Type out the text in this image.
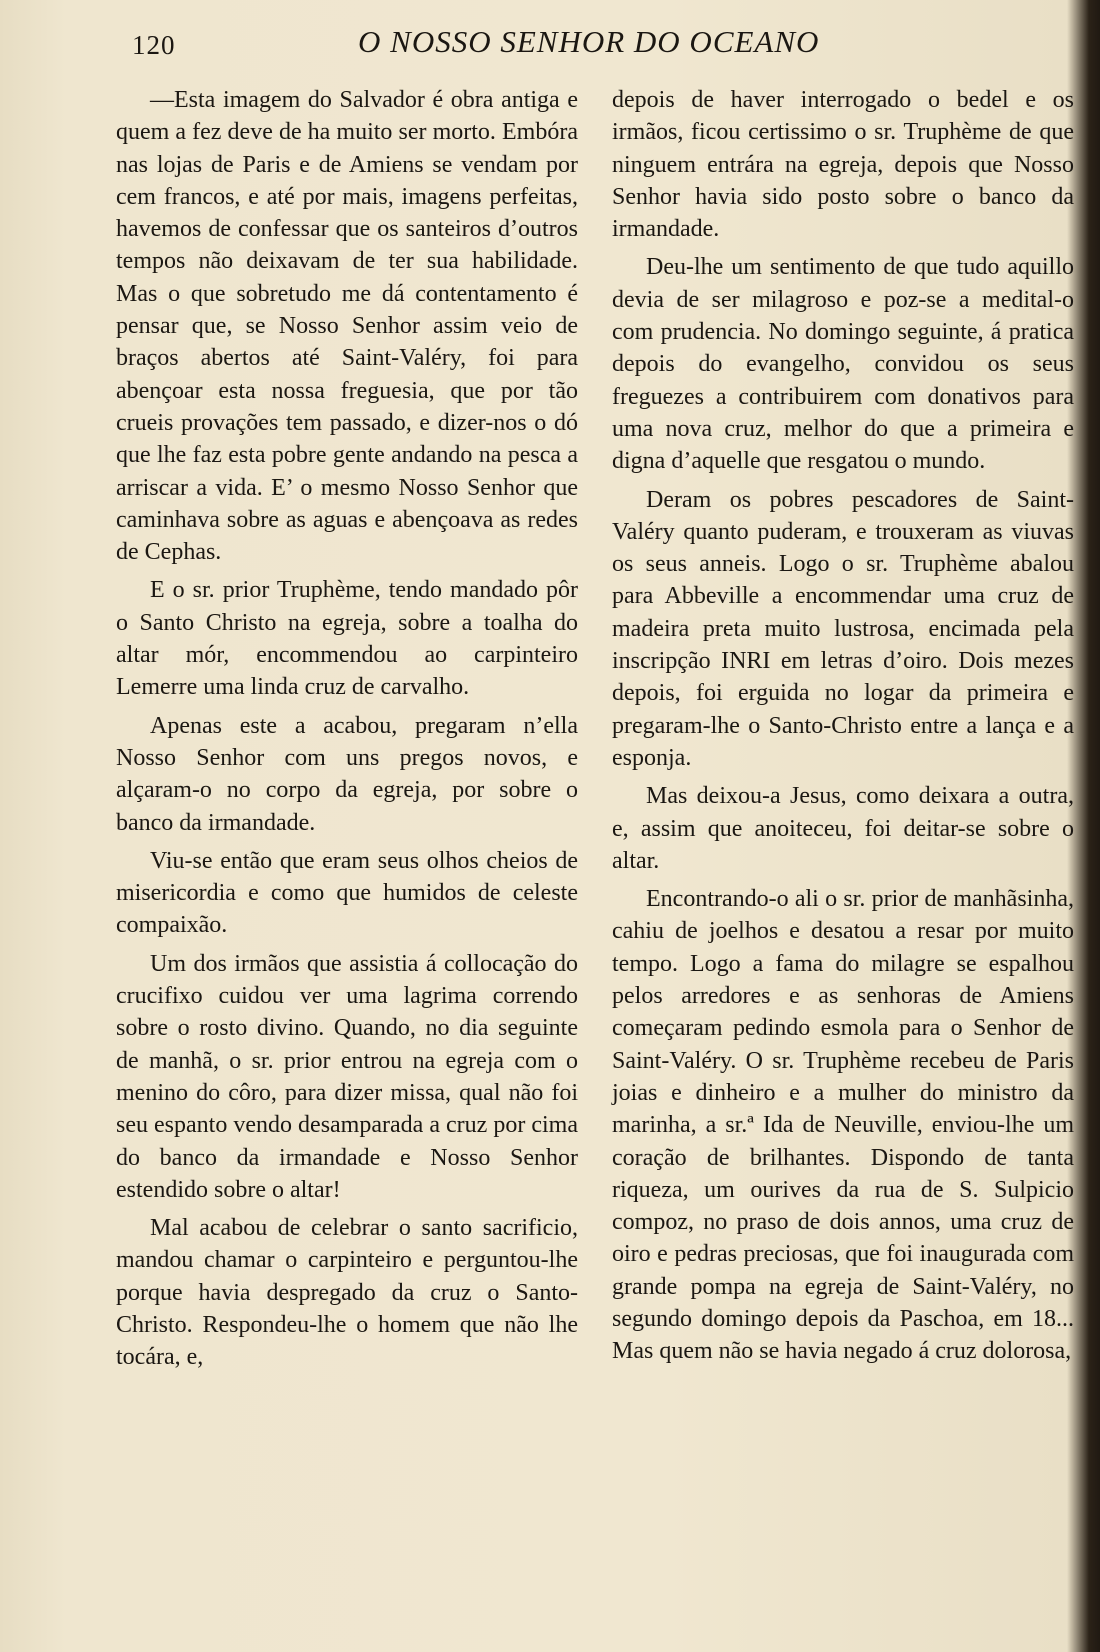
120	O NOSSO SENHOR DO OCEANO

—Esta imagem do Salvador é obra antiga e quem a fez deve de ha muito ser morto. Embóra nas lojas de Paris e de Amiens se vendam por cem francos, e até por mais, imagens perfeitas, havemos de confessar que os santeiros d’outros tempos não deixavam de ter sua habilidade. Mas o que sobretudo me dá contentamento é pensar que, se Nosso Senhor assim veio de braços abertos até Saint-Valéry, foi para abençoar esta nossa freguesia, que por tão crueis provações tem passado, e dizer-nos o dó que lhe faz esta pobre gente andando na pesca a arriscar a vida. E’ o mesmo Nosso Senhor que caminhava sobre as aguas e abençoava as redes de Cephas.

E o sr. prior Truphème, tendo mandado pôr o Santo Christo na egreja, sobre a toalha do altar mór, encommendou ao carpinteiro Lemerre uma linda cruz de carvalho.

Apenas este a acabou, pregaram n’ella Nosso Senhor com uns pregos novos, e alçaram-o no corpo da egreja, por sobre o banco da irmandade.

Viu-se então que eram seus olhos cheios de misericordia e como que humidos de celeste compaixão.

Um dos irmãos que assistia á collocação do crucifixo cuidou ver uma lagrima correndo sobre o rosto divino. Quando, no dia seguinte de manhã, o sr. prior entrou na egreja com o menino do côro, para dizer missa, qual não foi seu espanto vendo desamparada a cruz por cima do banco da irmandade e Nosso Senhor estendido sobre o altar!

Mal acabou de celebrar o santo sacrificio, mandou chamar o carpinteiro e perguntou-lhe porque havia despregado da cruz o Santo-Christo. Respondeu-lhe o homem que não lhe tocára, e,

depois de haver interrogado o bedel e os irmãos, ficou certissimo o sr. Truphème de que ninguem entrára na egreja, depois que Nosso Senhor havia sido posto sobre o banco da irmandade.

Deu-lhe um sentimento de que tudo aquillo devia de ser milagroso e poz-se a medital-o com prudencia. No domingo seguinte, á pratica depois do evangelho, convidou os seus freguezes a contribuirem com donativos para uma nova cruz, melhor do que a primeira e digna d’aquelle que resgatou o mundo.

Deram os pobres pescadores de Saint-Valéry quanto puderam, e trouxeram as viuvas os seus anneis. Logo o sr. Truphème abalou para Abbeville a encommendar uma cruz de madeira preta muito lustrosa, encimada pela inscripção INRI em letras d’oiro. Dois mezes depois, foi erguida no logar da primeira e pregaram-lhe o Santo-Christo entre a lança e a esponja.

Mas deixou-a Jesus, como deixara a outra, e, assim que anoiteceu, foi deitar-se sobre o altar.

Encontrando-o ali o sr. prior de manhãsinha, cahiu de joelhos e desatou a resar por muito tempo. Logo a fama do milagre se espalhou pelos arredores e as senhoras de Amiens começaram pedindo esmola para o Senhor de Saint-Valéry. O sr. Truphème recebeu de Paris joias e dinheiro e a mulher do ministro da marinha, a sr.ª Ida de Neuville, enviou-lhe um coração de brilhantes. Dispondo de tanta riqueza, um ourives da rua de S. Sulpicio compoz, no praso de dois annos, uma cruz de oiro e pedras preciosas, que foi inaugurada com grande pompa na egreja de Saint-Valéry, no segundo domingo depois da Paschoa, em 18... Mas quem não se havia negado á cruz dolorosa,
